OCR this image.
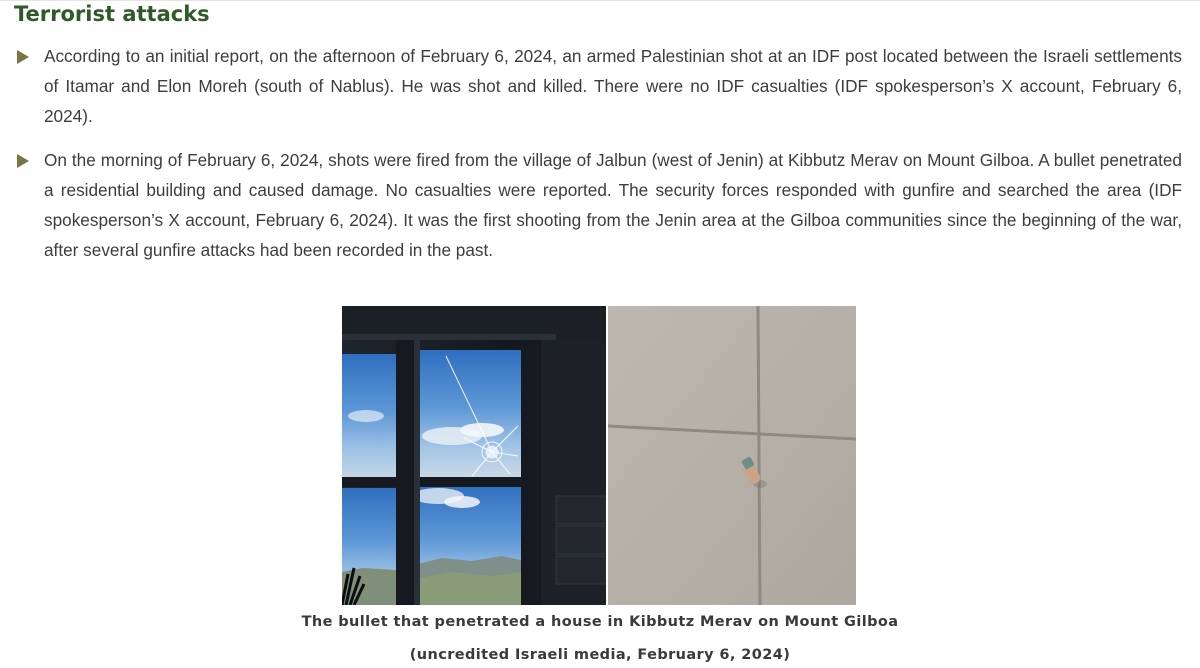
Terrorist attacks
According to an initial report, on the afternoon of February 6, 2024, an armed Palestinian shot at an IDF post located between the Israeli settlements of Itamar and Elon Moreh (south of Nablus). He was shot and killed. There were no IDF casualties (IDF spokesperson’s X account, February 6, 2024).
On the morning of February 6, 2024, shots were fired from the village of Jalbun (west of Jenin) at Kibbutz Merav on Mount Gilboa. A bullet penetrated a residential building and caused damage. No casualties were reported. The security forces responded with gunfire and searched the area (IDF spokesperson’s X account, February 6, 2024). It was the first shooting from the Jenin area at the Gilboa communities since the beginning of the war, after several gunfire attacks had been recorded in the past.
The bullet that penetrated a house in Kibbutz Merav on Mount Gilboa
(uncredited Israeli media, February 6, 2024)
